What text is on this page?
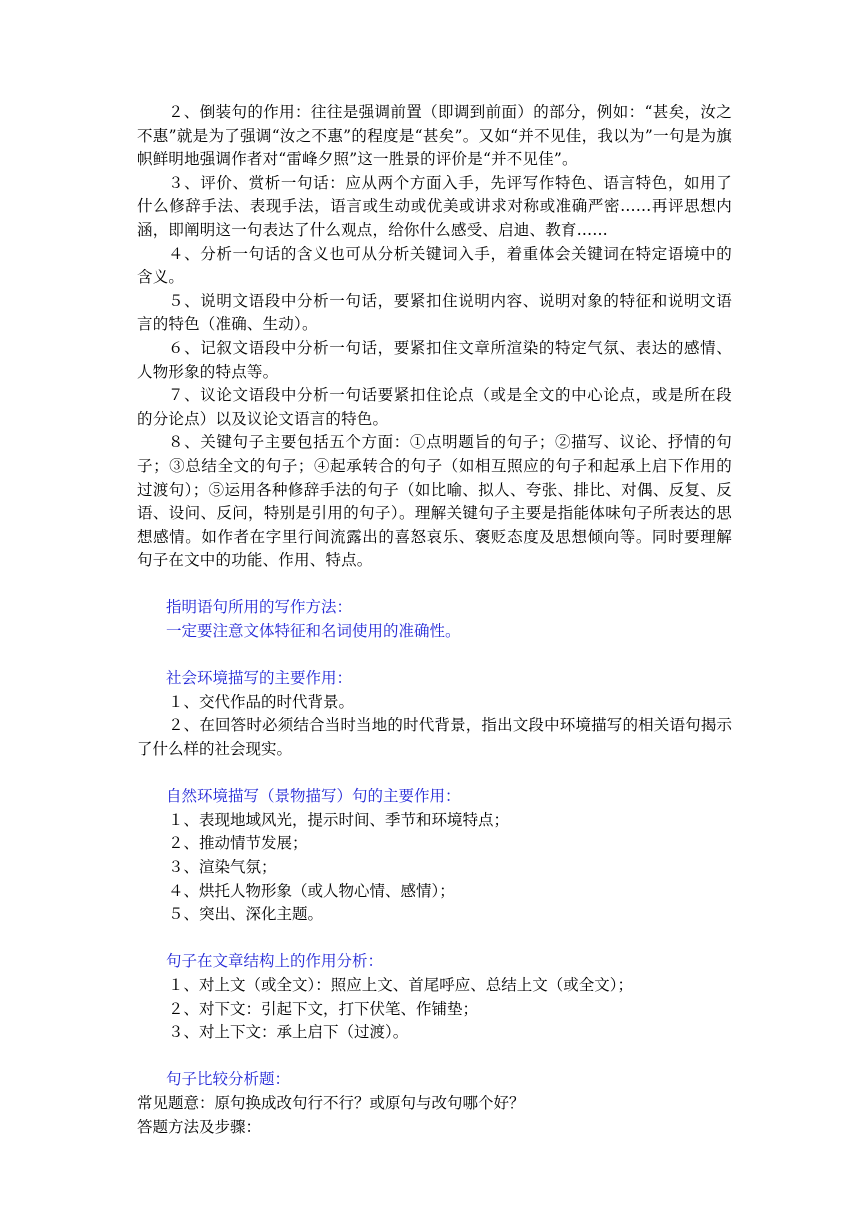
２、倒装句的作用：往往是强调前置（即调到前面）的部分，例如：“甚矣，汝之不惠”就是为了强调“汝之不惠”的程度是“甚矣”。又如“并不见佳，我以为”一句是为旗帜鲜明地强调作者对“雷峰夕照”这一胜景的评价是“并不见佳”。

３、评价、赏析一句话：应从两个方面入手，先评写作特色、语言特色，如用了什么修辞手法、表现手法，语言或生动或优美或讲求对称或准确严密……再评思想内涵，即阐明这一句表达了什么观点，给你什么感受、启迪、教育……

４、分析一句话的含义也可从分析关键词入手，着重体会关键词在特定语境中的含义。

５、说明文语段中分析一句话，要紧扣住说明内容、说明对象的特征和说明文语言的特色（准确、生动）。

６、记叙文语段中分析一句话，要紧扣住文章所渲染的特定气氛、表达的感情、人物形象的特点等。

７、议论文语段中分析一句话要紧扣住论点（或是全文的中心论点，或是所在段的分论点）以及议论文语言的特色。

８、关键句子主要包括五个方面：①点明题旨的句子；②描写、议论、抒情的句子；③总结全文的句子；④起承转合的句子（如相互照应的句子和起承上启下作用的过渡句）；⑤运用各种修辞手法的句子（如比喻、拟人、夸张、排比、对偶、反复、反语、设问、反问，特别是引用的句子）。理解关键句子主要是指能体味句子所表达的思想感情。如作者在字里行间流露出的喜怒哀乐、褒贬态度及思想倾向等。同时要理解句子在文中的功能、作用、特点。

指明语句所用的写作方法：

一定要注意文体特征和名词使用的准确性。

社会环境描写的主要作用：

１、交代作品的时代背景。

２、在回答时必须结合当时当地的时代背景，指出文段中环境描写的相关语句揭示了什么样的社会现实。

自然环境描写（景物描写）句的主要作用：

１、表现地域风光，提示时间、季节和环境特点；

２、推动情节发展；

３、渲染气氛；

４、烘托人物形象（或人物心情、感情）；

５、突出、深化主题。

句子在文章结构上的作用分析：

１、对上文（或全文）：照应上文、首尾呼应、总结上文（或全文）；

２、对下文：引起下文，打下伏笔、作铺垫；

３、对上下文：承上启下（过渡）。

句子比较分析题：

常见题意：原句换成改句行不行？或原句与改句哪个好？

答题方法及步骤：
